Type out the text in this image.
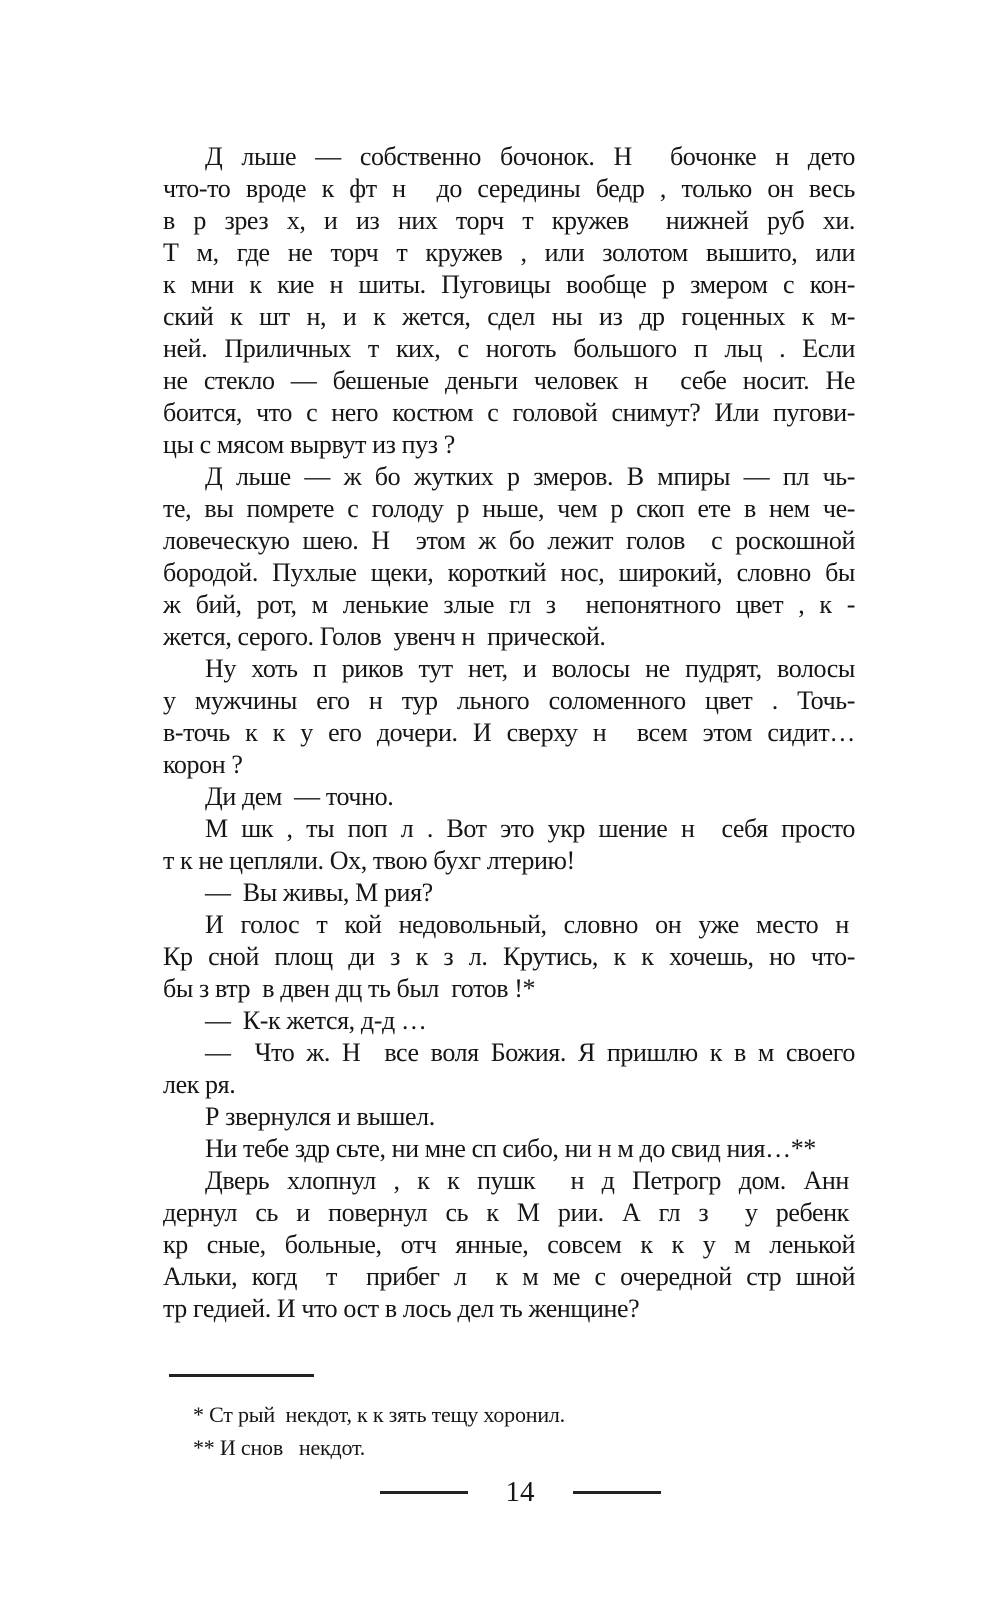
Д льше — собственно бочонок. Н  бочонке н дето
что-то вроде к фт н  до середины бедр , только он весь
в р зрез х, и из них торч т кружев  нижней руб хи.
Т м, где не торч т кружев , или золотом вышито, или
к мни к кие н шиты. Пуговицы вообще р змером с кон-
ский к шт н, и к жется, сдел ны из др гоценных к м-
ней. Приличных т ких, с ноготь большого п льц . Если
не стекло — бешеные деньги человек н  себе носит. Не
боится, что с него костюм с головой снимут? Или пугови-
цы с мясом вырвут из пуз ?
Д льше — ж бо жутких р змеров. В мпиры — пл чь-
те, вы помрете с голоду р ньше, чем р скоп ете в нем че-
ловеческую шею. Н  этом ж бо лежит голов  с роскошной
бородой. Пухлые щеки, короткий нос, широкий, словно бы
ж бий, рот, м ленькие злые гл з  непонятного цвет , к -
жется, серого. Голов  увенч н  прической.
Ну хоть п риков тут нет, и волосы не пудрят, волосы
у мужчины его н тур льного соломенного цвет . Точь-
в-точь к к у его дочери. И сверху н  всем этом сидит…
корон ?
Ди дем  — точно.
М шк , ты поп л . Вот это укр шение н  себя просто
т к не цепляли. Ох, твою бухг лтерию!
—  Вы живы, М рия?
И голос т кой недовольный, словно он уже место н
Кр сной площ ди з к з л. Крутись, к к хочешь, но что-
бы з втр  в двен дц ть был  готов !*
—  К-к жется, д-д …
—  Что ж. Н  все воля Божия. Я пришлю к в м своего
лек ря.
Р звернулся и вышел.
Ни тебе здр сьте, ни мне сп сибо, ни н м до свид ния…**
Дверь хлопнул , к к пушк  н д Петрогр дом. Анн
дернул сь и повернул сь к М рии. А гл з  у ребенк
кр сные, больные, отч янные, совсем к к у м ленькой
Альки, когд  т  прибег л  к м ме с очередной стр шной
тр гедией. И что ост в лось дел ть женщине?
* Ст рый  некдот, к к зять тещу хоронил.
** И снов   некдот.
14
